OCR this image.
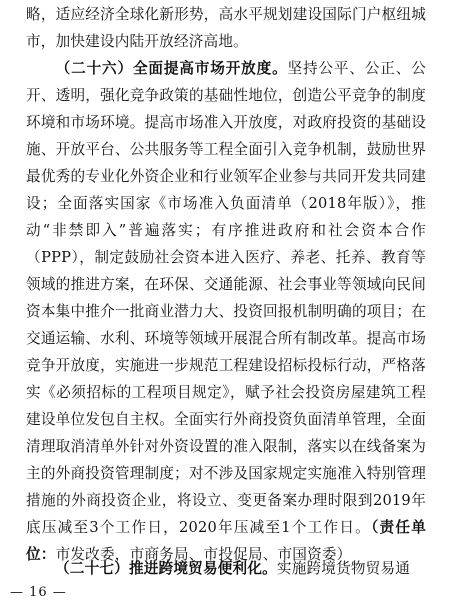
略，适应经济全球化新形势，高水平规划建设国际门户枢纽城市，加快建设内陆开放经济高地。

（二十六）全面提高市场开放度。坚持公平、公正、公开、透明，强化竞争政策的基础性地位，创造公平竞争的制度环境和市场环境。提高市场准入开放度，对政府投资的基础设施、开放平台、公共服务等工程全面引入竞争机制，鼓励世界最优秀的专业化外资企业和行业领军企业参与共同开发共同建设；全面落实国家《市场准入负面清单（2018年版）》，推动“非禁即入”普遍落实；有序推进政府和社会资本合作（PPP），制定鼓励社会资本进入医疗、养老、托养、教育等领域的推进方案，在环保、交通能源、社会事业等领域向民间资本集中推介一批商业潜力大、投资回报机制明确的项目；在交通运输、水利、环境等领域开展混合所有制改革。提高市场竞争开放度，实施进一步规范工程建设招标投标行动，严格落实《必须招标的工程项目规定》，赋予社会投资房屋建筑工程建设单位发包自主权。全面实行外商投资负面清单管理，全面清理取消清单外针对外资设置的准入限制，落实以在线备案为主的外商投资管理制度；对不涉及国家规定实施准入特别管理措施的外商投资企业，将设立、变更备案办理时限到2019年底压减至3个工作日，2020年压减至1个工作日。（责任单位：市发改委，市商务局、市投促局、市国资委）

（二十七）推进跨境贸易便利化。实施跨境货物贸易通

— 16 —
